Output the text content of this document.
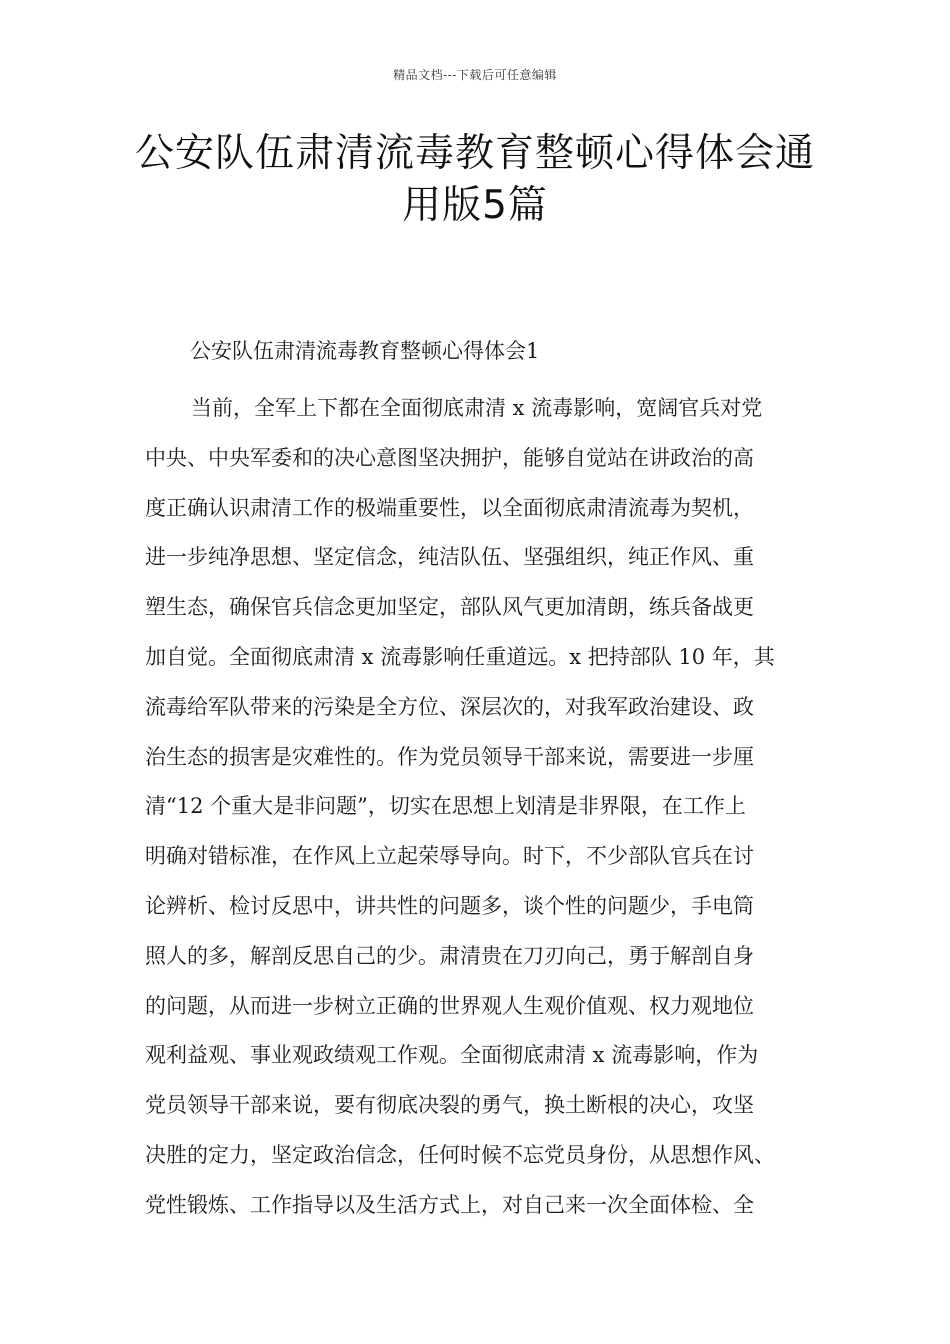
精品文档---下载后可任意编辑
公安队伍肃清流毒教育整顿心得体会通
用版5篇
公安队伍肃清流毒教育整顿心得体会1
当前，全军上下都在全面彻底肃清 x 流毒影响，宽阔官兵对党
中央、中央军委和的决心意图坚决拥护，能够自觉站在讲政治的高
度正确认识肃清工作的极端重要性，以全面彻底肃清流毒为契机，
进一步纯净思想、坚定信念，纯洁队伍、坚强组织，纯正作风、重
塑生态，确保官兵信念更加坚定，部队风气更加清朗，练兵备战更
加自觉。全面彻底肃清 x 流毒影响任重道远。x 把持部队 10 年，其
流毒给军队带来的污染是全方位、深层次的，对我军政治建设、政
治生态的损害是灾难性的。作为党员领导干部来说，需要进一步厘
清“12 个重大是非问题”，切实在思想上划清是非界限，在工作上
明确对错标准，在作风上立起荣辱导向。时下，不少部队官兵在讨
论辨析、检讨反思中，讲共性的问题多，谈个性的问题少，手电筒
照人的多，解剖反思自己的少。肃清贵在刀刃向己，勇于解剖自身
的问题，从而进一步树立正确的世界观人生观价值观、权力观地位
观利益观、事业观政绩观工作观。全面彻底肃清 x 流毒影响，作为
党员领导干部来说，要有彻底决裂的勇气，换土断根的决心，攻坚
决胜的定力，坚定政治信念，任何时候不忘党员身份，从思想作风、
党性锻炼、工作指导以及生活方式上，对自己来一次全面体检、全
